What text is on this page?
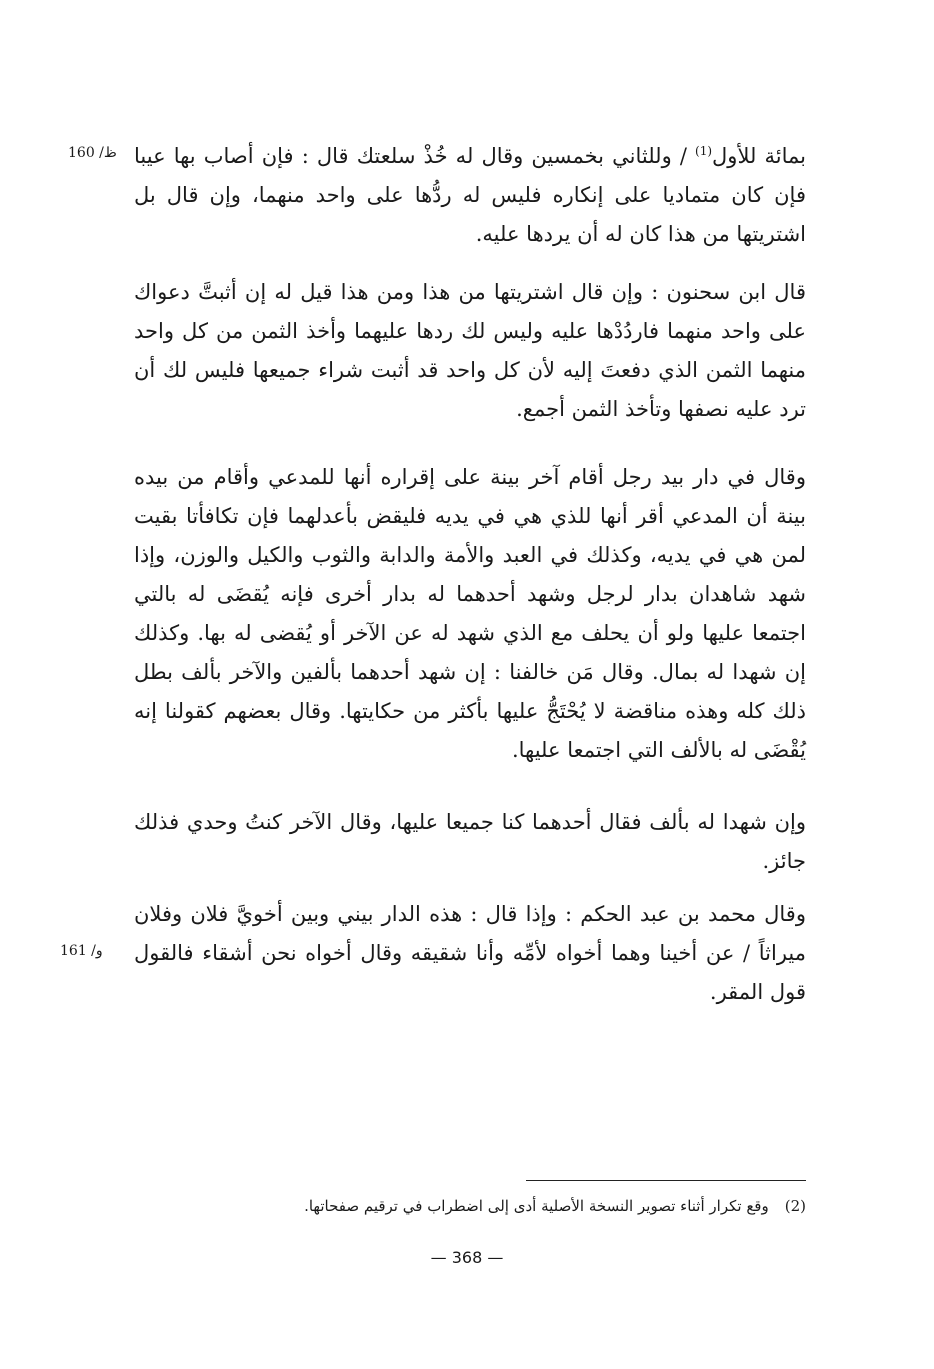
160 /ظ
161 /و

بمائة للأول$^{(1)}$ / وللثاني بخمسين وقال له خُذْ سلعتك قال : فإن أصاب بها عيبا فإن كان متماديا على إنكاره فليس له ردُّها على واحد منهما، وإن قال بل اشتريتها من هذا كان له أن يردها عليه.

قال ابن سحنون : وإن قال اشتريتها من هذا ومن هذا قيل له إن أثبتَّ دعواك على واحد منهما فاردُدْها عليه وليس لك ردها عليهما وأخذ الثمن من كل واحد منهما الثمن الذي دفعتَ إليه لأن كل واحد قد أثبت شراء جميعها فليس لك أن ترد عليه نصفها وتأخذ الثمن أجمع.

وقال في دار بيد رجل أقام آخر بينة على إقراره أنها للمدعي وأقام من بيده بينة أن المدعي أقر أنها للذي هي في يديه فليقض بأعدلهما فإن تكافأتا بقيت لمن هي في يديه، وكذلك في العبد والأمة والدابة والثوب والكيل والوزن، وإذا شهد شاهدان بدار لرجل وشهد أحدهما له بدار أخرى فإنه يُقضَى له بالتي اجتمعا عليها ولو أن يحلف مع الذي شهد له عن الآخر أو يُقضى له بها. وكذلك إن شهدا له بمال. وقال مَن خالفنا : إن شهد أحدهما بألفين والآخر بألف بطل ذلك كله وهذه مناقضة لا يُحْتَجُّ عليها بأكثر من حكايتها. وقال بعضهم كقولنا إنه يُقْضَى له بالألف التي اجتمعا عليها.

وإن شهدا له بألف فقال أحدهما كنا جميعا عليها، وقال الآخر كنتُ وحدي فذلك جائز.

وقال محمد بن عبد الحكم : وإذا قال : هذه الدار بيني وبين أخويَّ فلان وفلان ميراثاً / عن أخينا وهما أخواه لأمِّه وأنا شقيقه وقال أخواه نحن أشقاء فالقول قول المقر.

(2)وقع تكرار أثناء تصوير النسخة الأصلية أدى إلى اضطراب في ترقيم صفحاتها.
— 368 —
